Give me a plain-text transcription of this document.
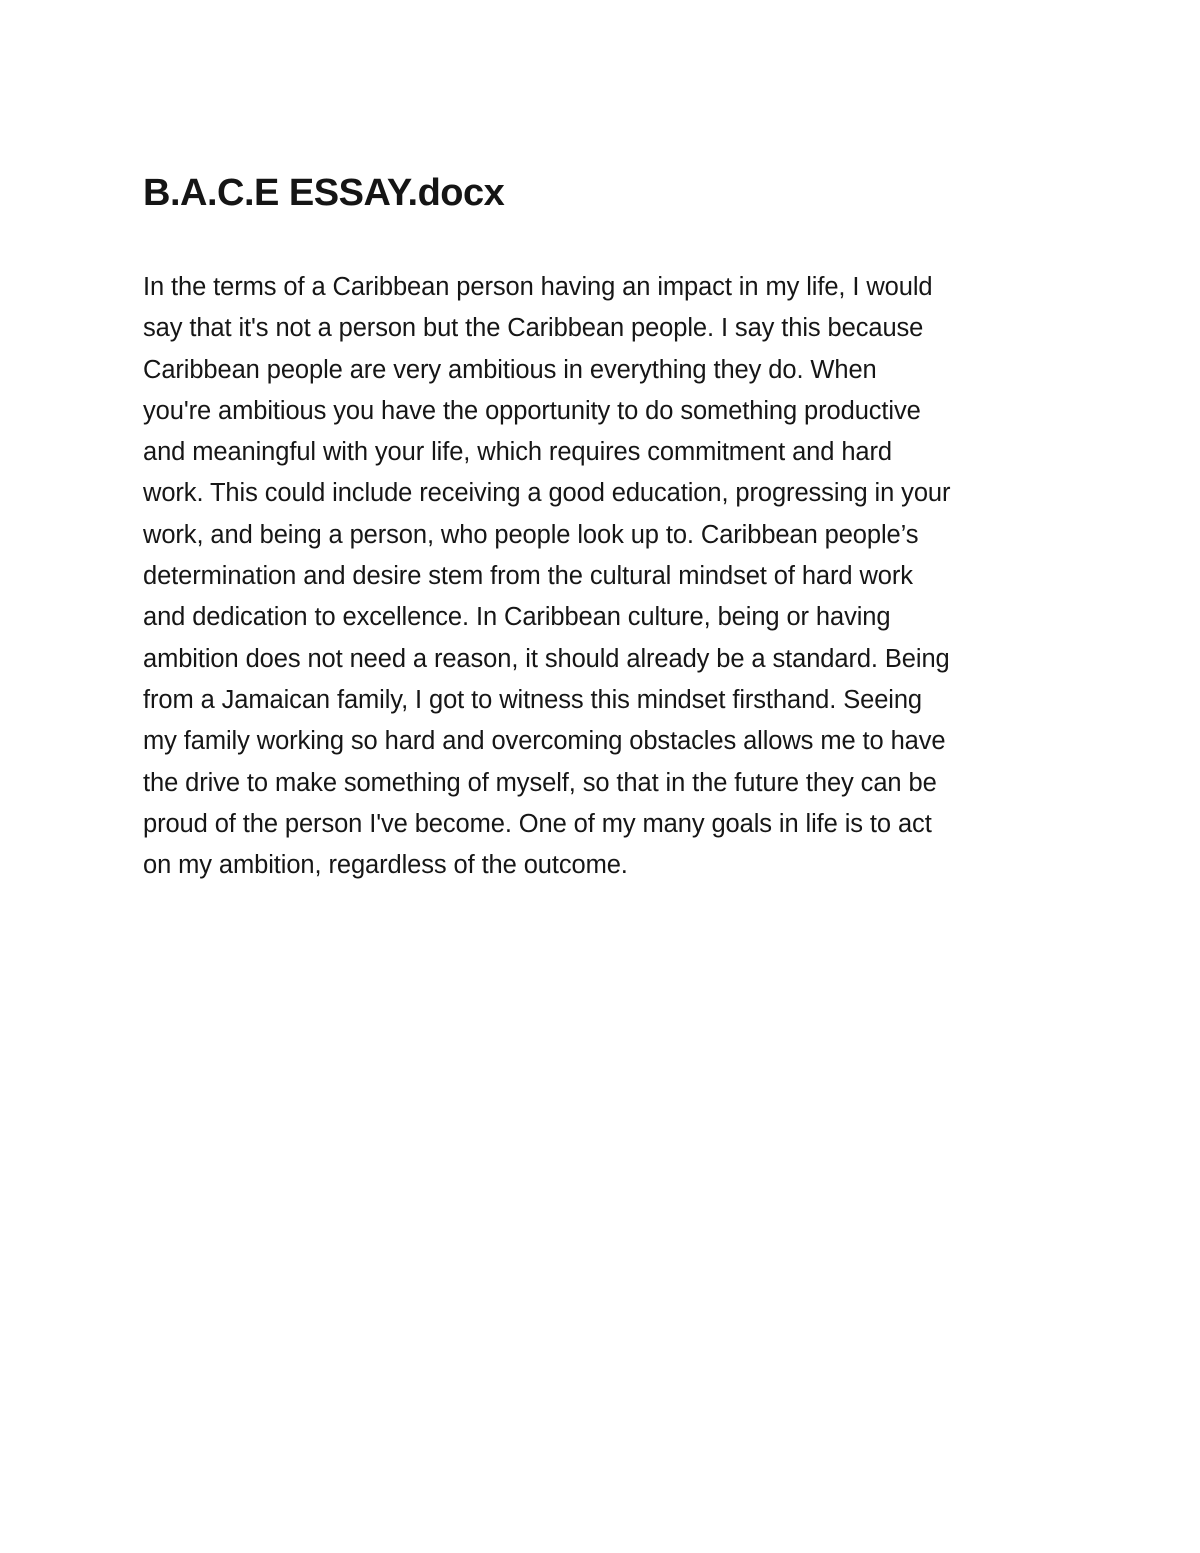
B.A.C.E ESSAY.docx
In the terms of a Caribbean person having an impact in my life, I would
say that it's not a person but the Caribbean people. I say this because
Caribbean people are very ambitious in everything they do. When
you're ambitious you have the opportunity to do something productive
and meaningful with your life, which requires commitment and hard
work. This could include receiving a good education, progressing in your
work, and being a person, who people look up to. Caribbean people’s
determination and desire stem from the cultural mindset of hard work
and dedication to excellence. In Caribbean culture, being or having
ambition does not need a reason, it should already be a standard. Being
from a Jamaican family, I got to witness this mindset firsthand. Seeing
my family working so hard and overcoming obstacles allows me to have
the drive to make something of myself, so that in the future they can be
proud of the person I've become. One of my many goals in life is to act
on my ambition, regardless of the outcome.
